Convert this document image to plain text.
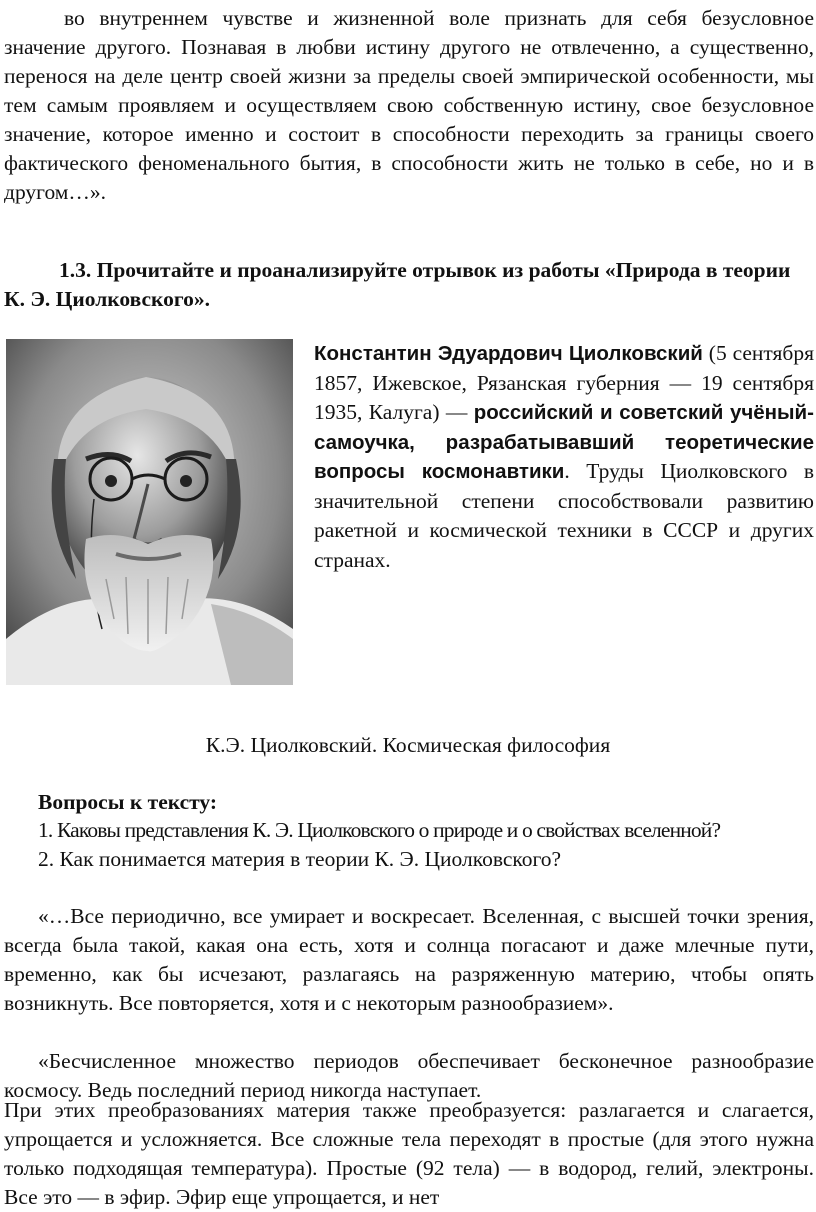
во внутреннем чувстве и жизненной воле признать для себя безусловное значение другого. Познавая в любви истину другого не отвлеченно, а существенно, перенося на деле центр своей жизни за пределы своей эмпирической особенности, мы тем самым проявляем и осуществляем свою собственную истину, свое безусловное значение, которое именно и состоит в способности переходить за границы своего фактического феноменального бытия, в способности жить не только в себе, но и в другом…».

1.3. Прочитайте и проанализируйте отрывок из работы «Природа в теории К. Э. Циолковского».

Константин Эдуардович Циолковский (5 сентября 1857, Ижевское, Рязанская губерния — 19 сентября 1935, Калуга) — российский и советский учёный-самоучка, разрабатывавший теоретические вопросы космонавтики. Труды Циолковского в значительной степени способствовали развитию ракетной и космической техники в СССР и других странах.

К.Э. Циолковский. Космическая философия

Вопросы к тексту:

1. Каковы представления К. Э. Циолковского о природе и о свойствах вселенной?

2. Как понимается материя в теории К. Э. Циолковского?

«…Все периодично, все умирает и воскресает. Вселенная, с высшей точки зрения, всегда была такой, какая она есть, хотя и солнца погасают и даже млечные пути, временно, как бы исчезают, разлагаясь на разряженную материю, чтобы опять возникнуть. Все повторяется, хотя и с некоторым разнообразием».

«Бесчисленное множество периодов обеспечивает бесконечное разнообразие космосу. Ведь последний период никогда наступает.

При этих преобразованиях материя также преобразуется: разлагается и слагается, упрощается и усложняется. Все сложные тела переходят в простые (для этого нужна только подходящая температура). Простые (92 тела) — в водород, гелий, электроны. Все это — в эфир. Эфир еще упрощается, и нет
